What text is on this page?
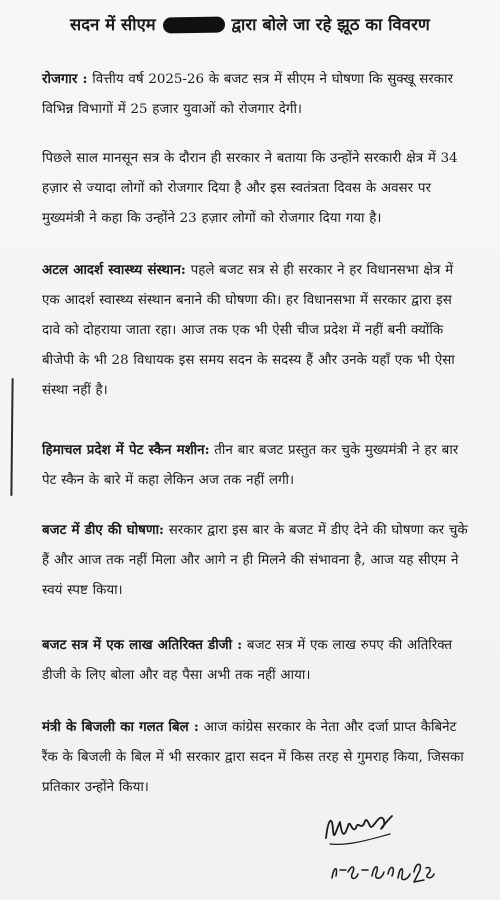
सदन में सीएम	द्वारा बोले जा रहे झूठ का विवरण
रोजगार : वित्तीय वर्ष 2025-26 के बजट सत्र में सीएम ने घोषणा कि सुक्खू सरकार विभिन्न विभागों में 25 हजार युवाओं को रोजगार देगी।
पिछले साल मानसून सत्र के दौरान ही सरकार ने बताया कि उन्होंने सरकारी क्षेत्र में 34 हज़ार से ज्यादा लोगों को रोजगार दिया है और इस स्वतंत्रता दिवस के अवसर पर मुख्यमंत्री ने कहा कि उन्होंने 23 हज़ार लोगों को रोजगार दिया गया है।
अटल आदर्श स्वास्थ्य संस्थान: पहले बजट सत्र से ही सरकार ने हर विधानसभा क्षेत्र में एक आदर्श स्वास्थ्य संस्थान बनाने की घोषणा की। हर विधानसभा में सरकार द्वारा इस दावे को दोहराया जाता रहा। आज तक एक भी ऐसी चीज प्रदेश में नहीं बनी क्योंकि बीजेपी के भी 28 विधायक इस समय सदन के सदस्य हैं और उनके यहाँ एक भी ऐसा संस्था नहीं है।
हिमाचल प्रदेश में पेट स्कैन मशीन: तीन बार बजट प्रस्तुत कर चुके मुख्यमंत्री ने हर बार पेट स्कैन के बारे में कहा लेकिन अज तक नहीं लगी।
बजट में डीए की घोषणा: सरकार द्वारा इस बार के बजट में डीए देने की घोषणा कर चुके हैं और आज तक नहीं मिला और आगे न ही मिलने की संभावना है, आज यह सीएम ने स्वयं स्पष्ट किया।
बजट सत्र में एक लाख अतिरिक्त डीजी : बजट सत्र में एक लाख रुपए की अतिरिक्त डीजी के लिए बोला और वह पैसा अभी तक नहीं आया।
मंत्री के बिजली का गलत बिल : आज कांग्रेस सरकार के नेता और दर्जा प्राप्त कैबिनेट रैंक के बिजली के बिल में भी सरकार द्वारा सदन में किस तरह से गुमराह किया, जिसका प्रतिकार उन्होंने किया।
